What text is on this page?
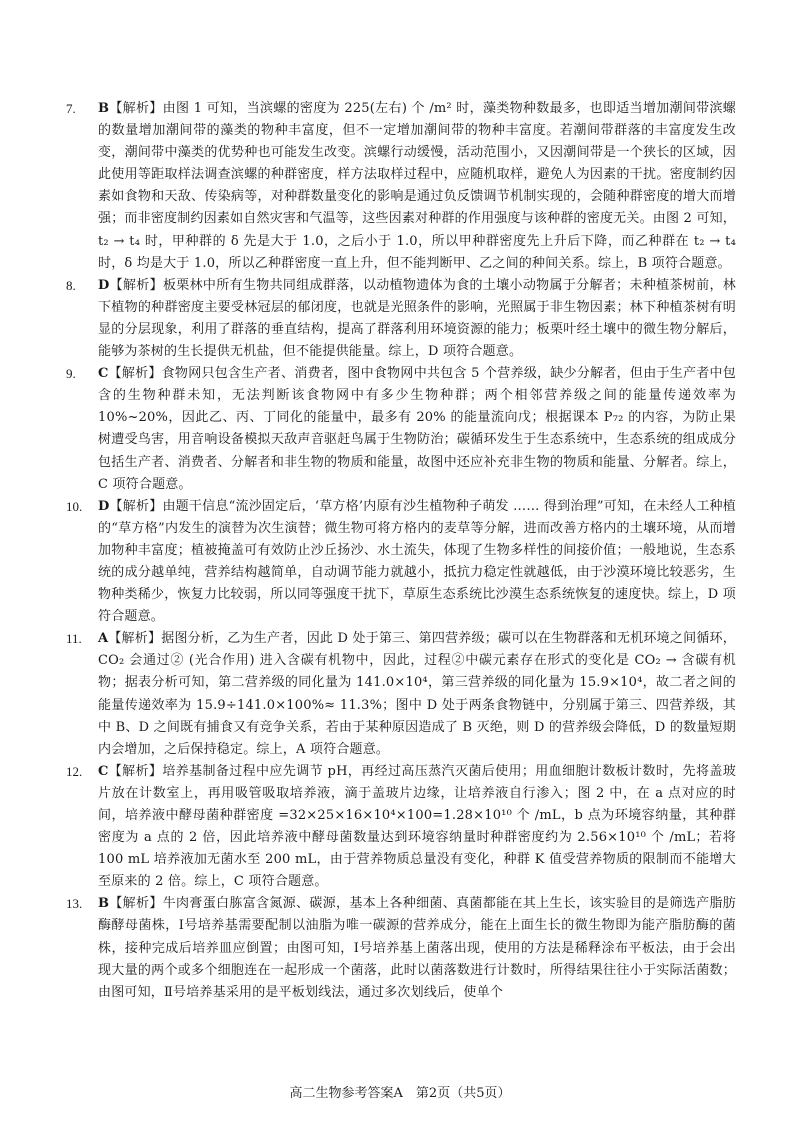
7.	B【解析】由图 1 可知，当滨螺的密度为 225(左右) 个 /m² 时，藻类物种数最多，也即适当增加潮间带滨螺的数量增加潮间带的藻类的物种丰富度，但不一定增加潮间带的物种丰富度。若潮间带群落的丰富度发生改变，潮间带中藻类的优势种也可能发生改变。滨螺行动缓慢，活动范围小，又因潮间带是一个狭长的区域，因此使用等距取样法调查滨螺的种群密度，样方法取样过程中，应随机取样，避免人为因素的干扰。密度制约因素如食物和天敌、传染病等，对种群数量变化的影响是通过负反馈调节机制实现的，会随种群密度的增大而增强；而非密度制约因素如自然灾害和气温等，这些因素对种群的作用强度与该种群的密度无关。由图 2 可知，t₂ → t₄ 时，甲种群的 δ 先是大于 1.0，之后小于 1.0，所以甲种群密度先上升后下降，而乙种群在 t₂ → t₄ 时，δ 均是大于 1.0，所以乙种群密度一直上升，但不能判断甲、乙之间的种间关系。综上，B 项符合题意。
8.	D【解析】板栗林中所有生物共同组成群落，以动植物遗体为食的土壤小动物属于分解者；未种植茶树前，林下植物的种群密度主要受林冠层的郁闭度，也就是光照条件的影响，光照属于非生物因素；林下种植茶树有明显的分层现象，利用了群落的垂直结构，提高了群落利用环境资源的能力；板栗叶经土壤中的微生物分解后，能够为茶树的生长提供无机盐，但不能提供能量。综上，D 项符合题意。
9.	C【解析】食物网只包含生产者、消费者，图中食物网中共包含 5 个营养级，缺少分解者，但由于生产者中包含的生物种群未知，无法判断该食物网中有多少生物种群；两个相邻营养级之间的能量传递效率为 10%~20%，因此乙、丙、丁同化的能量中，最多有 20% 的能量流向戊；根据课本 P₇₂ 的内容，为防止果树遭受鸟害，用音响设备模拟天敌声音驱赶鸟属于生物防治；碳循环发生于生态系统中，生态系统的组成成分包括生产者、消费者、分解者和非生物的物质和能量，故图中还应补充非生物的物质和能量、分解者。综上，C 项符合题意。
10.	D【解析】由题干信息“流沙固定后，‘草方格’内原有沙生植物种子萌发 …… 得到治理”可知，在未经人工种植的“草方格”内发生的演替为次生演替；微生物可将方格内的麦草等分解，进而改善方格内的土壤环境，从而增加物种丰富度；植被掩盖可有效防止沙丘扬沙、水土流失，体现了生物多样性的间接价值；一般地说，生态系统的成分越单纯，营养结构越简单，自动调节能力就越小，抵抗力稳定性就越低，由于沙漠环境比较恶劣，生物种类稀少，恢复力比较弱，所以同等强度干扰下，草原生态系统比沙漠生态系统恢复的速度快。综上，D 项符合题意。
11.	A【解析】据图分析，乙为生产者，因此 D 处于第三、第四营养级；碳可以在生物群落和无机环境之间循环，CO₂ 会通过② (光合作用) 进入含碳有机物中，因此，过程②中碳元素存在形式的变化是 CO₂ → 含碳有机物；据表分析可知，第二营养级的同化量为 141.0×10⁴，第三营养级的同化量为 15.9×10⁴，故二者之间的能量传递效率为 15.9÷141.0×100%≈ 11.3%；图中 D 处于两条食物链中，分别属于第三、四营养级，其中 B、D 之间既有捕食又有竞争关系，若由于某种原因造成了 B 灭绝，则 D 的营养级会降低，D 的数量短期内会增加，之后保持稳定。综上，A 项符合题意。
12.	C【解析】培养基制备过程中应先调节 pH，再经过高压蒸汽灭菌后使用；用血细胞计数板计数时，先将盖玻片放在计数室上，再用吸管吸取培养液，滴于盖玻片边缘，让培养液自行渗入；图 2 中，在 a 点对应的时间，培养液中酵母菌种群密度 =32×25×16×10⁴×100=1.28×10¹⁰ 个 /mL，b 点为环境容纳量，其种群密度为 a 点的 2 倍，因此培养液中酵母菌数量达到环境容纳量时种群密度约为 2.56×10¹⁰ 个 /mL；若将 100 mL 培养液加无菌水至 200 mL，由于营养物质总量没有变化，种群 K 值受营养物质的限制而不能增大至原来的 2 倍。综上，C 项符合题意。
13.	B【解析】牛肉膏蛋白胨富含氮源、碳源，基本上各种细菌、真菌都能在其上生长，该实验目的是筛选产脂肪酶酵母菌株，Ⅰ号培养基需要配制以油脂为唯一碳源的营养成分，能在上面生长的微生物即为能产脂肪酶的菌株，接种完成后培养皿应倒置；由图可知，Ⅰ号培养基上菌落出现，使用的方法是稀释涂布平板法，由于会出现大量的两个或多个细胞连在一起形成一个菌落，此时以菌落数进行计数时，所得结果往往小于实际活菌数；由图可知，Ⅱ号培养基采用的是平板划线法，通过多次划线后，使单个
高二生物参考答案A　第2页（共5页）
